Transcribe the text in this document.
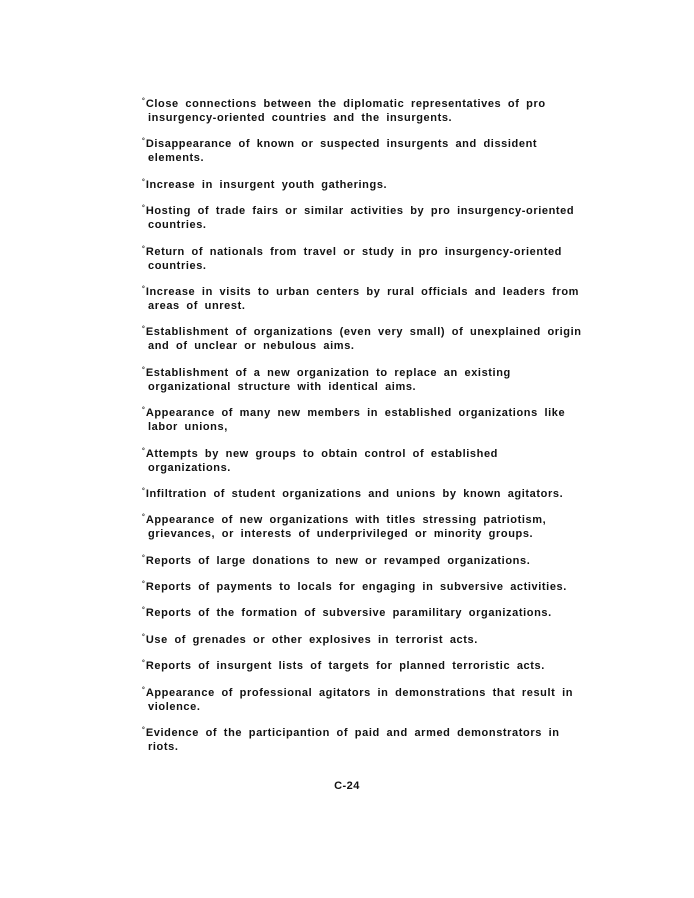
°Close connections between the diplomatic representatives of pro insurgency-oriented countries and the insurgents.
°Disappearance of known or suspected insurgents and dissident elements.
°Increase in insurgent youth gatherings.
°Hosting of trade fairs or similar activities by pro insurgency-oriented countries.
°Return of nationals from travel or study in pro insurgency-oriented countries.
°Increase in visits to urban centers by rural officials and leaders from areas of unrest.
°Establishment of organizations (even very small) of unexplained origin and of unclear or nebulous aims.
°Establishment of a new organization to replace an existing organizational structure with identical aims.
°Appearance of many new members in established organizations like labor unions,
°Attempts by new groups to obtain control of established organizations.
°Infiltration of student organizations and unions by known agitators.
°Appearance of new organizations with titles stressing patriotism, grievances, or interests of underprivileged or minority groups.
°Reports of large donations to new or revamped organizations.
°Reports of payments to locals for engaging in subversive activities.
°Reports of the formation of subversive paramilitary organizations.
°Use of grenades or other explosives in terrorist acts.
°Reports of insurgent lists of targets for planned terroristic acts.
°Appearance of professional agitators in demonstrations that result in violence.
°Evidence of the participantion of paid and armed demonstrators in riots.
C-24
